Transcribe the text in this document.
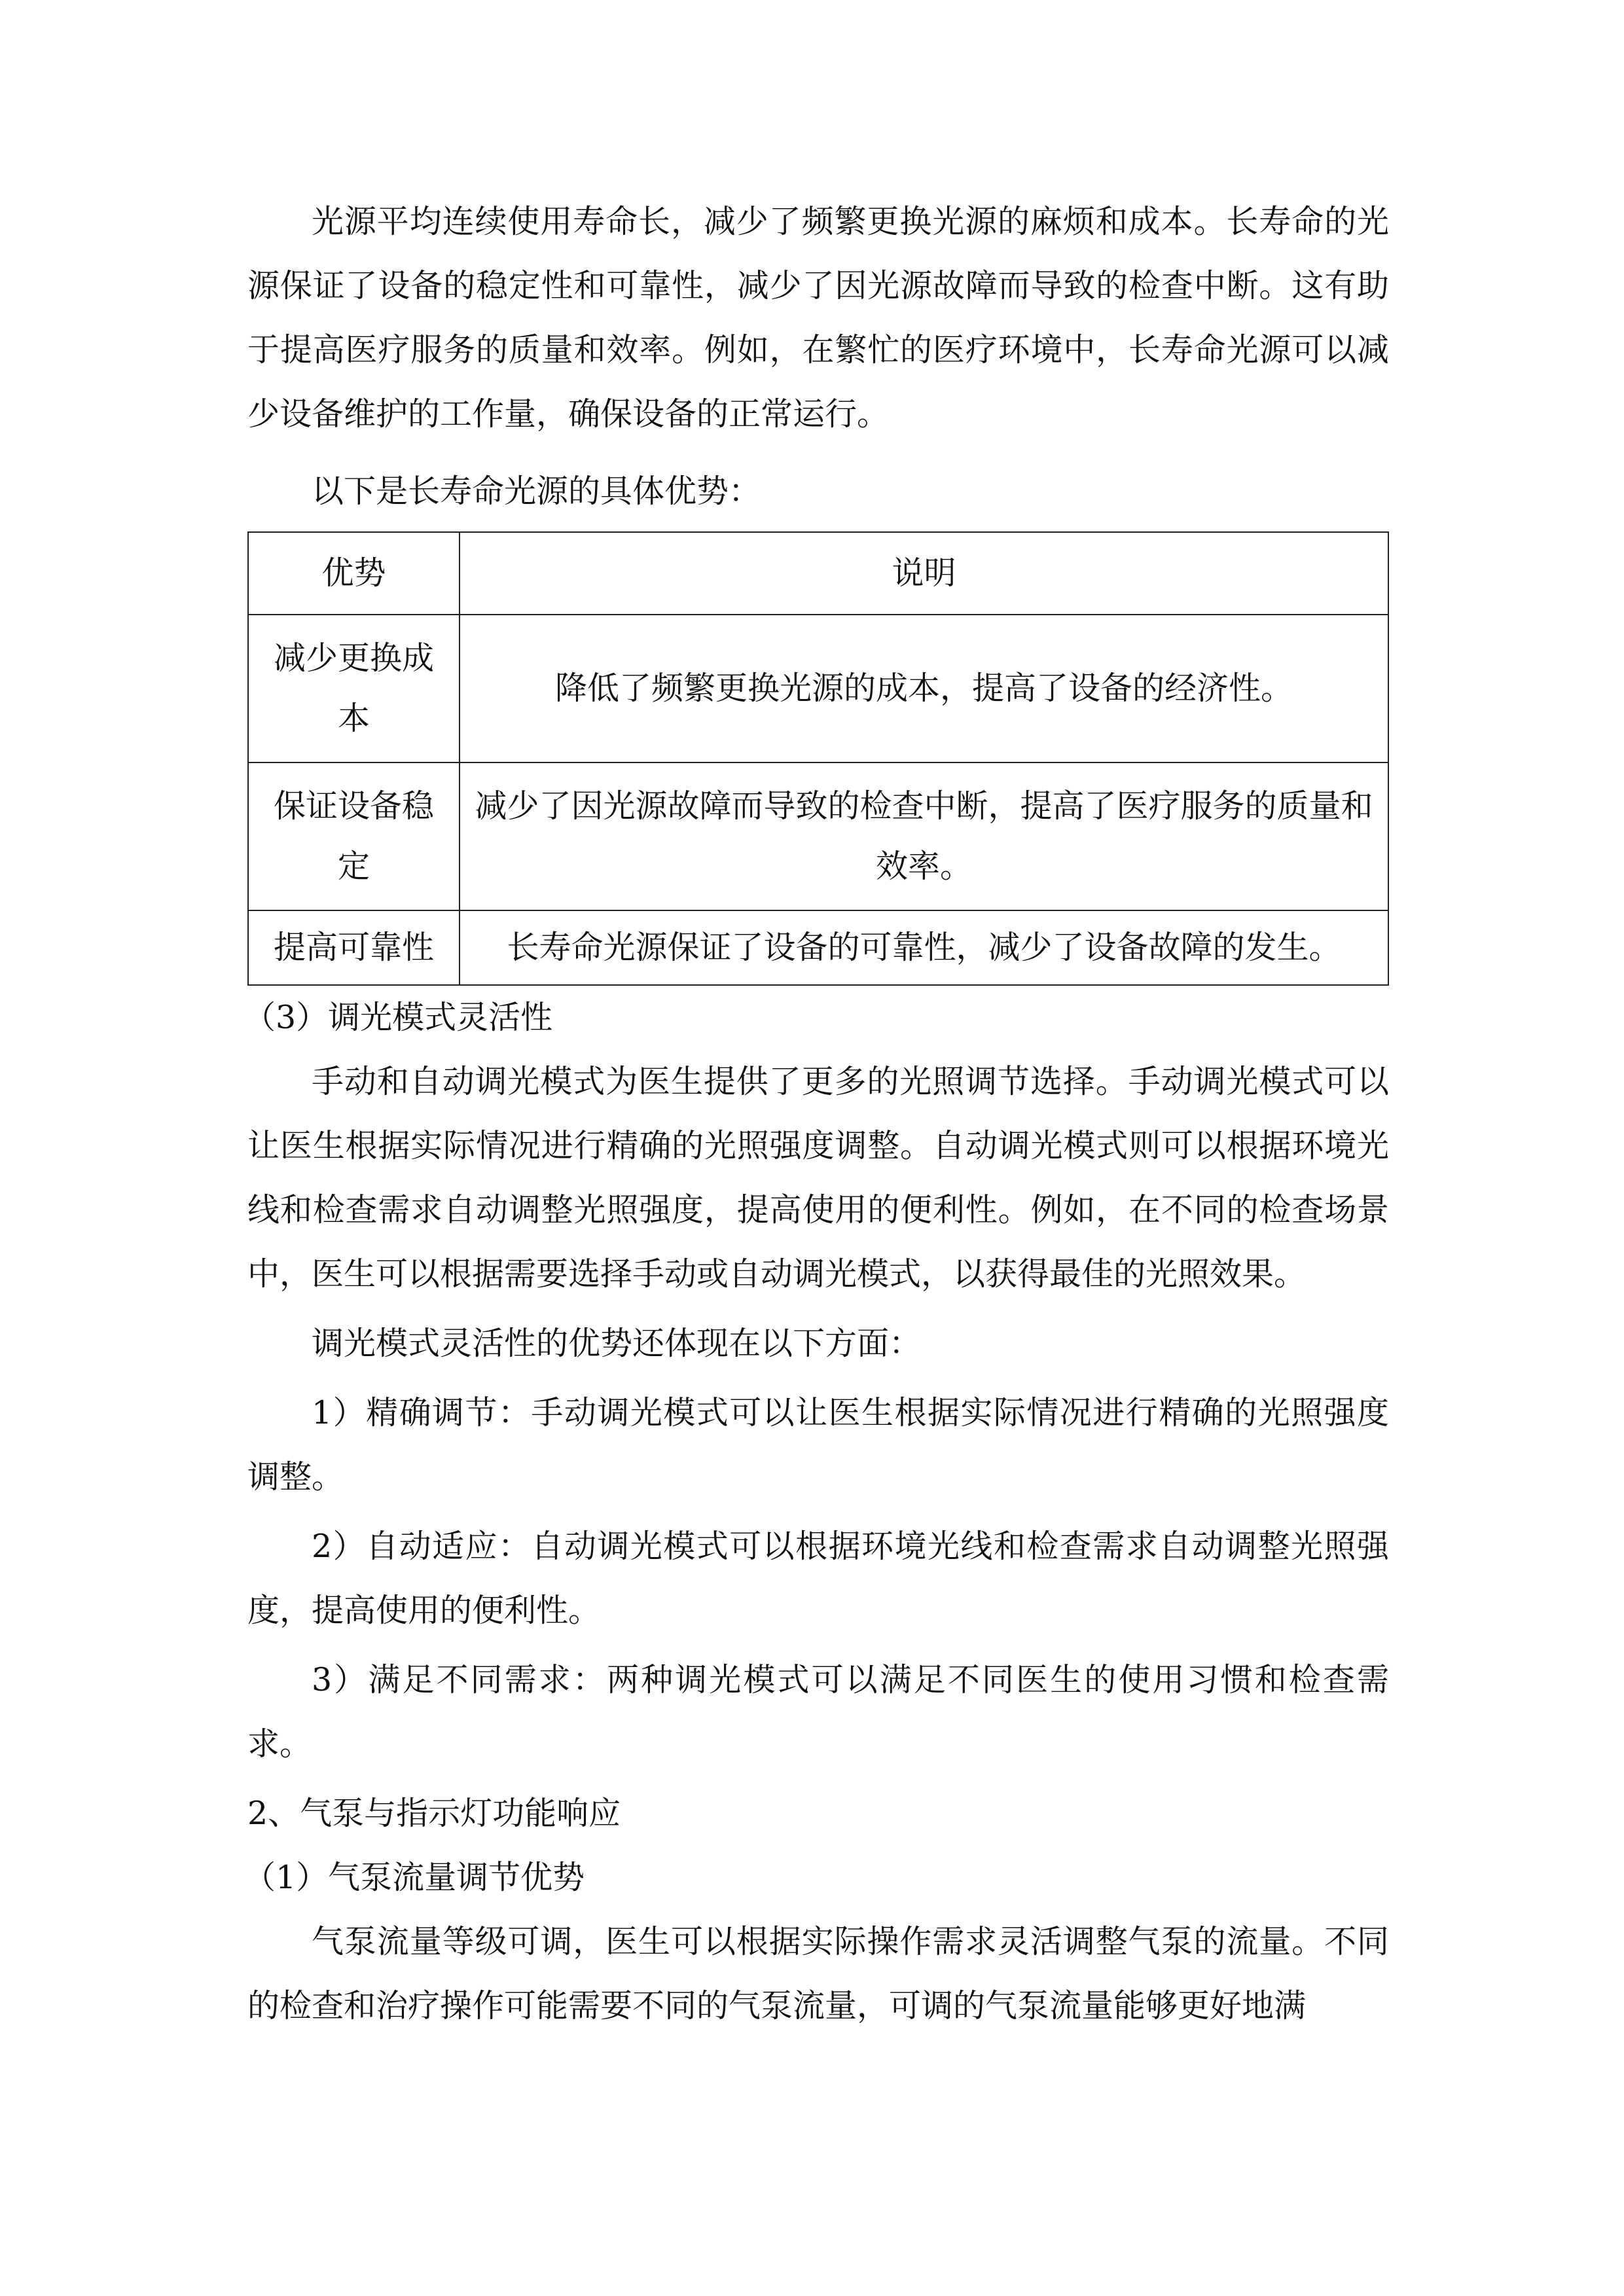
光源平均连续使用寿命长，减少了频繁更换光源的麻烦和成本。长寿命的光源保证了设备的稳定性和可靠性，减少了因光源故障而导致的检查中断。这有助于提高医疗服务的质量和效率。例如，在繁忙的医疗环境中，长寿命光源可以减少设备维护的工作量，确保设备的正常运行。

以下是长寿命光源的具体优势：

优势	说明
减少更换成本	降低了频繁更换光源的成本，提高了设备的经济性。
保证设备稳定	减少了因光源故障而导致的检查中断，提高了医疗服务的质量和效率。
提高可靠性	长寿命光源保证了设备的可靠性，减少了设备故障的发生。

（3）调光模式灵活性

手动和自动调光模式为医生提供了更多的光照调节选择。手动调光模式可以让医生根据实际情况进行精确的光照强度调整。自动调光模式则可以根据环境光线和检查需求自动调整光照强度，提高使用的便利性。例如，在不同的检查场景中，医生可以根据需要选择手动或自动调光模式，以获得最佳的光照效果。

调光模式灵活性的优势还体现在以下方面：

1）精确调节：手动调光模式可以让医生根据实际情况进行精确的光照强度调整。

2）自动适应：自动调光模式可以根据环境光线和检查需求自动调整光照强度，提高使用的便利性。

3）满足不同需求：两种调光模式可以满足不同医生的使用习惯和检查需求。

2、气泵与指示灯功能响应

（1）气泵流量调节优势

气泵流量等级可调，医生可以根据实际操作需求灵活调整气泵的流量。不同的检查和治疗操作可能需要不同的气泵流量，可调的气泵流量能够更好地满
